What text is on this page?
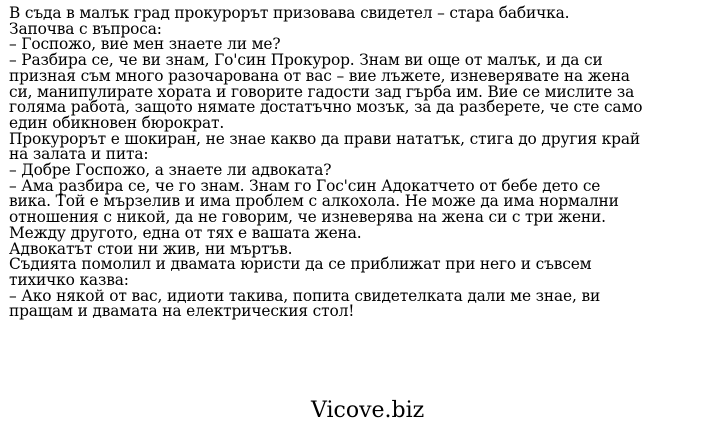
В съда в малък град прокурорът призовава свидетел – стара бабичка.

Започва с въпроса:

– Госпожо, вие мен знаете ли ме?

– Разбира се, че ви знам, Го'син Прокурор. Знам ви още от малък, и да си

призная съм много разочарована от вас – вие лъжете, изневерявате на жена

си, манипулирате хората и говорите гадости зад гърба им. Вие се мислите за

голяма работа, защото нямате достатъчно мозък, за да разберете, че сте само

един обикновен бюрократ.

Прокурорът е шокиран, не знае какво да прави нататък, стига до другия край

на залата и пита:

– Добре Госпожо, а знаете ли адвоката?

– Ама разбира се, че го знам. Знам го Гос'син Адокатчето от бебе дето се

вика. Той е мързелив и има проблем с алкохола. Не може да има нормални

отношения с никой, да не говорим, че изневерява на жена си с три жени.

Между другото, една от тях е вашата жена.

Адвокатът стои ни жив, ни мъртъв.

Съдията помолил и двамата юристи да се приближат при него и съвсем

тихичко казва:

– Ако някой от вас, идиоти такива, попита свидетелката дали ме знае, ви

пращам и двамата на електрическия стол!

Vicove.biz
